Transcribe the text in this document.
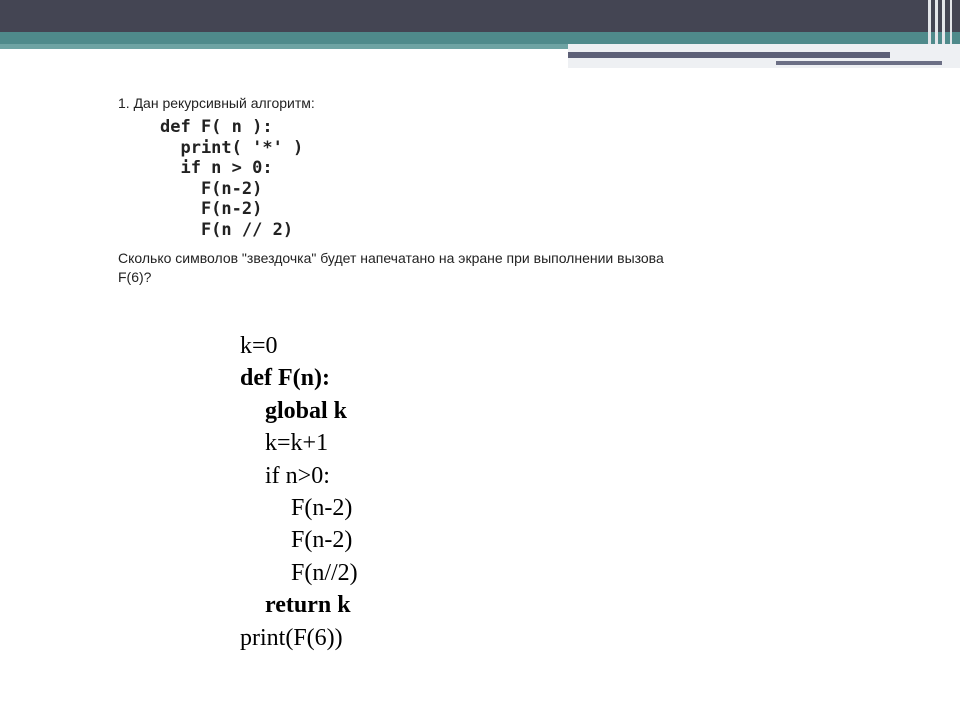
1. Дан рекурсивный алгоритм:
def F( n ):
print( '*' )
if n > 0:
F(n-2)
F(n-2)
F(n // 2)
Сколько символов "звездочка" будет напечатано на экране при выполнении вызова
F(6)?
k=0
def F(n):
global k
k=k+1
if n>0:
F(n-2)
F(n-2)
F(n//2)
return k
print(F(6))
